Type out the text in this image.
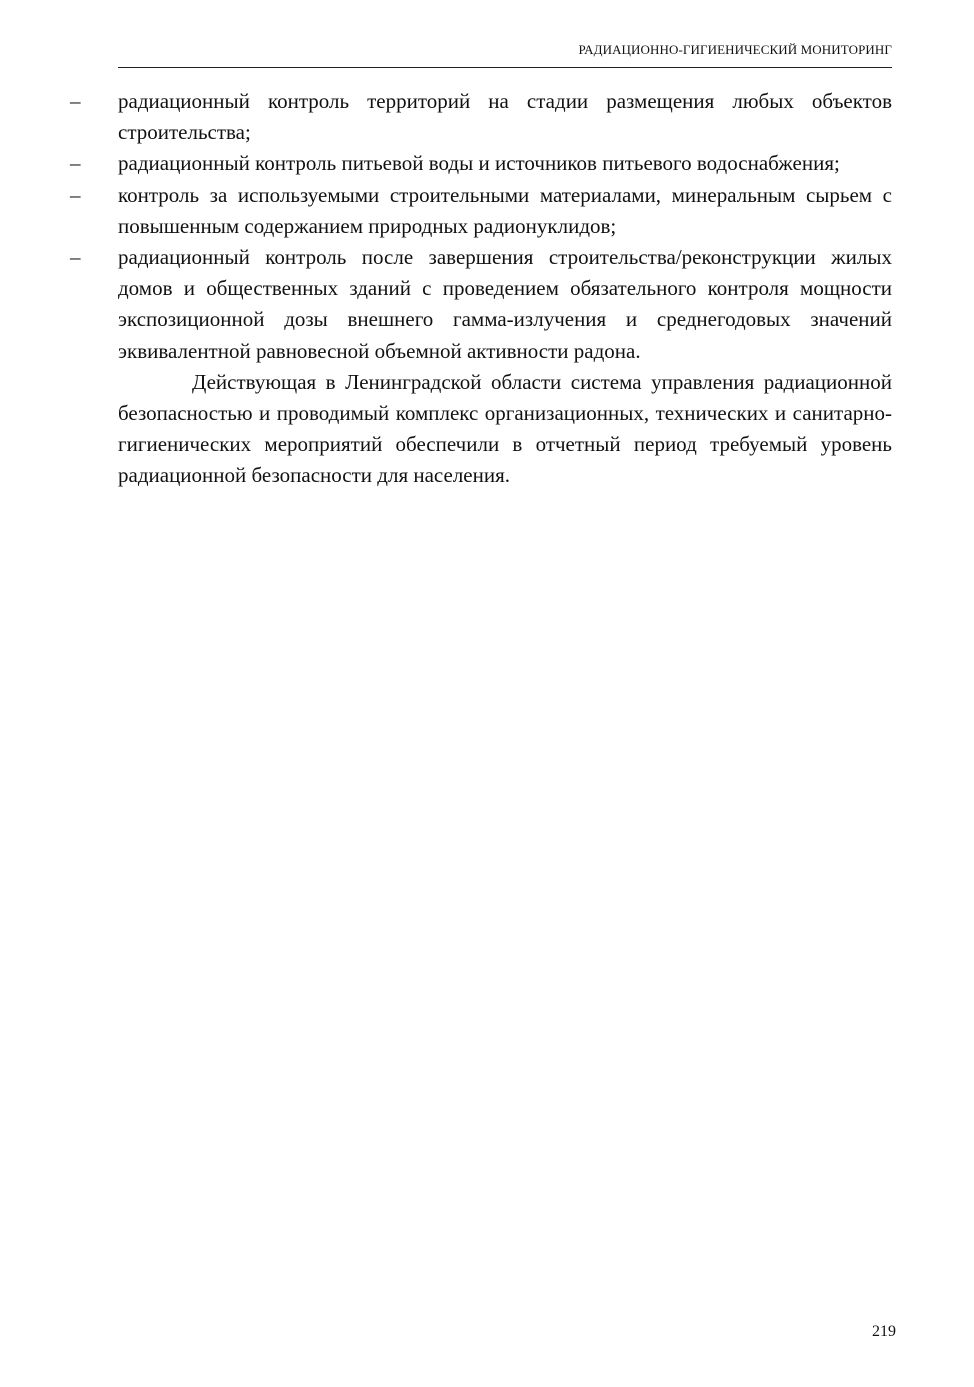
РАДИАЦИОННО-ГИГИЕНИЧЕСКИЙ МОНИТОРИНГ
–	радиационный контроль территорий на стадии размещения любых объектов строительства;
–	радиационный контроль питьевой воды и источников питьевого водоснабжения;
–	контроль за используемыми строительными материалами, минеральным сырьем с повышенным содержанием природных радионуклидов;
–	радиационный контроль после завершения строительства/реконструкции жилых домов и общественных зданий с проведением обязательного контроля мощности экспозиционной дозы внешнего гамма-излучения и среднегодовых значений эквивалентной равновесной объемной активности радона.
Действующая в Ленинградской области система управления радиационной безопасностью и проводимый комплекс организационных, технических и санитарно-гигиенических мероприятий обеспечили в отчетный период требуемый уровень радиационной безопасности для населения.
219
